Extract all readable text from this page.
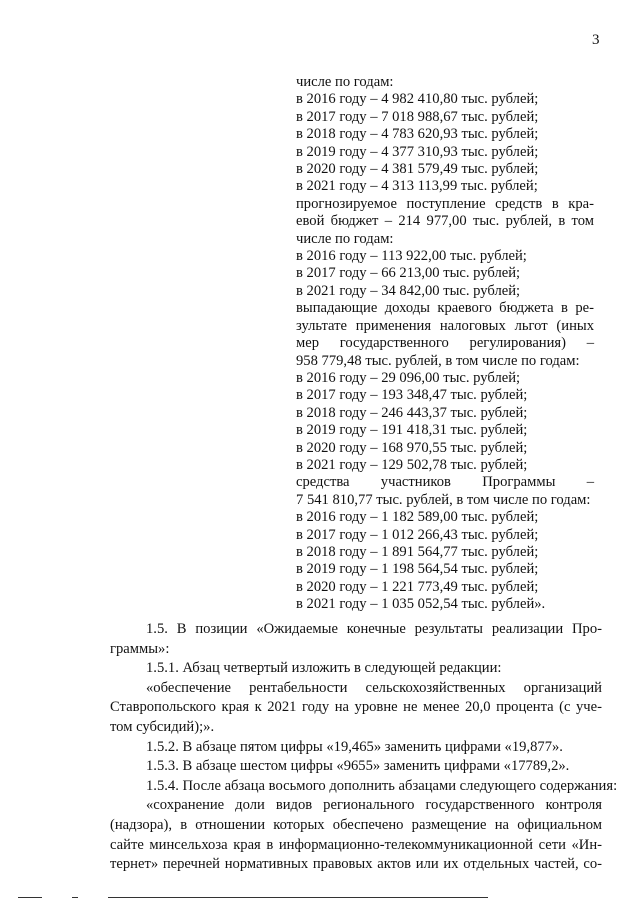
3
числе по годам:
в 2016 году – 4 982 410,80 тыс. рублей;
в 2017 году – 7 018 988,67 тыс. рублей;
в 2018 году – 4 783 620,93 тыс. рублей;
в 2019 году – 4 377 310,93 тыс. рублей;
в 2020 году – 4 381 579,49 тыс. рублей;
в 2021 году – 4 313 113,99 тыс. рублей;
прогнозируемое поступление средств в кра-
евой бюджет – 214 977,00 тыс. рублей, в том
числе по годам:
в 2016 году – 113 922,00 тыс. рублей;
в 2017 году – 66 213,00 тыс. рублей;
в 2021 году – 34 842,00 тыс. рублей;
выпадающие доходы краевого бюджета в ре-
зультате применения налоговых льгот (иных
мер государственного регулирования) –
958 779,48 тыс. рублей, в том числе по годам:
в 2016 году – 29 096,00 тыс. рублей;
в 2017 году – 193 348,47 тыс. рублей;
в 2018 году – 246 443,37 тыс. рублей;
в 2019 году – 191 418,31 тыс. рублей;
в 2020 году – 168 970,55 тыс. рублей;
в 2021 году – 129 502,78 тыс. рублей;
средства участников Программы –
7 541 810,77 тыс. рублей, в том числе по годам:
в 2016 году – 1 182 589,00 тыс. рублей;
в 2017 году – 1 012 266,43 тыс. рублей;
в 2018 году – 1 891 564,77 тыс. рублей;
в 2019 году – 1 198 564,54 тыс. рублей;
в 2020 году – 1 221 773,49 тыс. рублей;
в 2021 году – 1 035 052,54 тыс. рублей».
1.5. В позиции «Ожидаемые конечные результаты реализации Про-
граммы»:
1.5.1. Абзац четвертый изложить в следующей редакции:
«обеспечение рентабельности сельскохозяйственных организаций
Ставропольского края к 2021 году на уровне не менее 20,0 процента (с уче-
том субсидий);».
1.5.2. В абзаце пятом цифры «19,465» заменить цифрами «19,877».
1.5.3. В абзаце шестом цифры «9655» заменить цифрами «17789,2».
1.5.4. После абзаца восьмого дополнить абзацами следующего содержания:
«сохранение доли видов регионального государственного контроля
(надзора), в отношении которых обеспечено размещение на официальном
сайте минсельхоза края в информационно-телекоммуникационной сети «Ин-
тернет» перечней нормативных правовых актов или их отдельных частей, со-
